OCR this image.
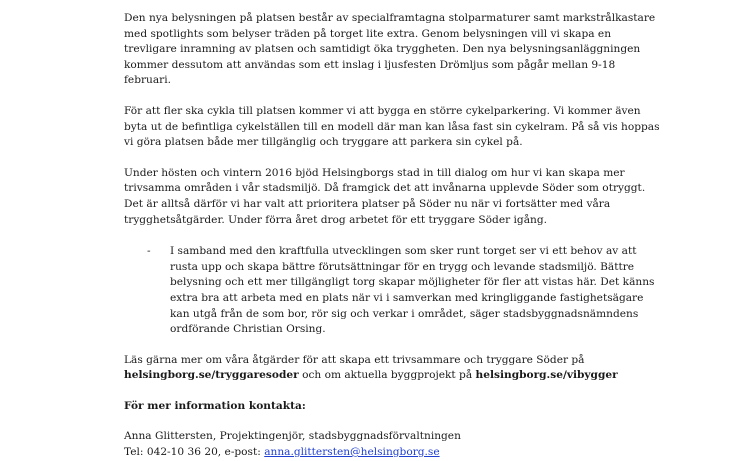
Den nya belysningen på platsen består av specialframtagna stolparmaturer samt markstrålkastare med spotlights som belyser träden på torget lite extra. Genom belysningen vill vi skapa en trevligare inramning av platsen och samtidigt öka tryggheten. Den nya belysningsanläggningen kommer dessutom att användas som ett inslag i ljusfesten Drömljus som pågår mellan 9-18 februari.

För att fler ska cykla till platsen kommer vi att bygga en större cykelparkering. Vi kommer även byta ut de befintliga cykelställen till en modell där man kan låsa fast sin cykelram. På så vis hoppas vi göra platsen både mer tillgänglig och tryggare att parkera sin cykel på.

Under hösten och vintern 2016 bjöd Helsingborgs stad in till dialog om hur vi kan skapa mer trivsamma områden i vår stadsmiljö. Då framgick det att invånarna upplevde Söder som otryggt. Det är alltså därför vi har valt att prioritera platser på Söder nu när vi fortsätter med våra trygghetsåtgärder. Under förra året drog arbetet för ett tryggare Söder igång.

- I samband med den kraftfulla utvecklingen som sker runt torget ser vi ett behov av att rusta upp och skapa bättre förutsättningar för en trygg och levande stadsmiljö. Bättre belysning och ett mer tillgängligt torg skapar möjligheter för fler att vistas här. Det känns extra bra att arbeta med en plats när vi i samverkan med kringliggande fastighetsägare kan utgå från de som bor, rör sig och verkar i området, säger stadsbyggnadsnämndens ordförande Christian Orsing.

Läs gärna mer om våra åtgärder för att skapa ett trivsammare och tryggare Söder på helsingborg.se/tryggaresoder och om aktuella byggprojekt på helsingborg.se/vibygger

För mer information kontakta:

Anna Glittersten, Projektingenjör, stadsbyggnadsförvaltningen

Tel: 042-10 36 20, e-post: anna.glittersten@helsingborg.se
